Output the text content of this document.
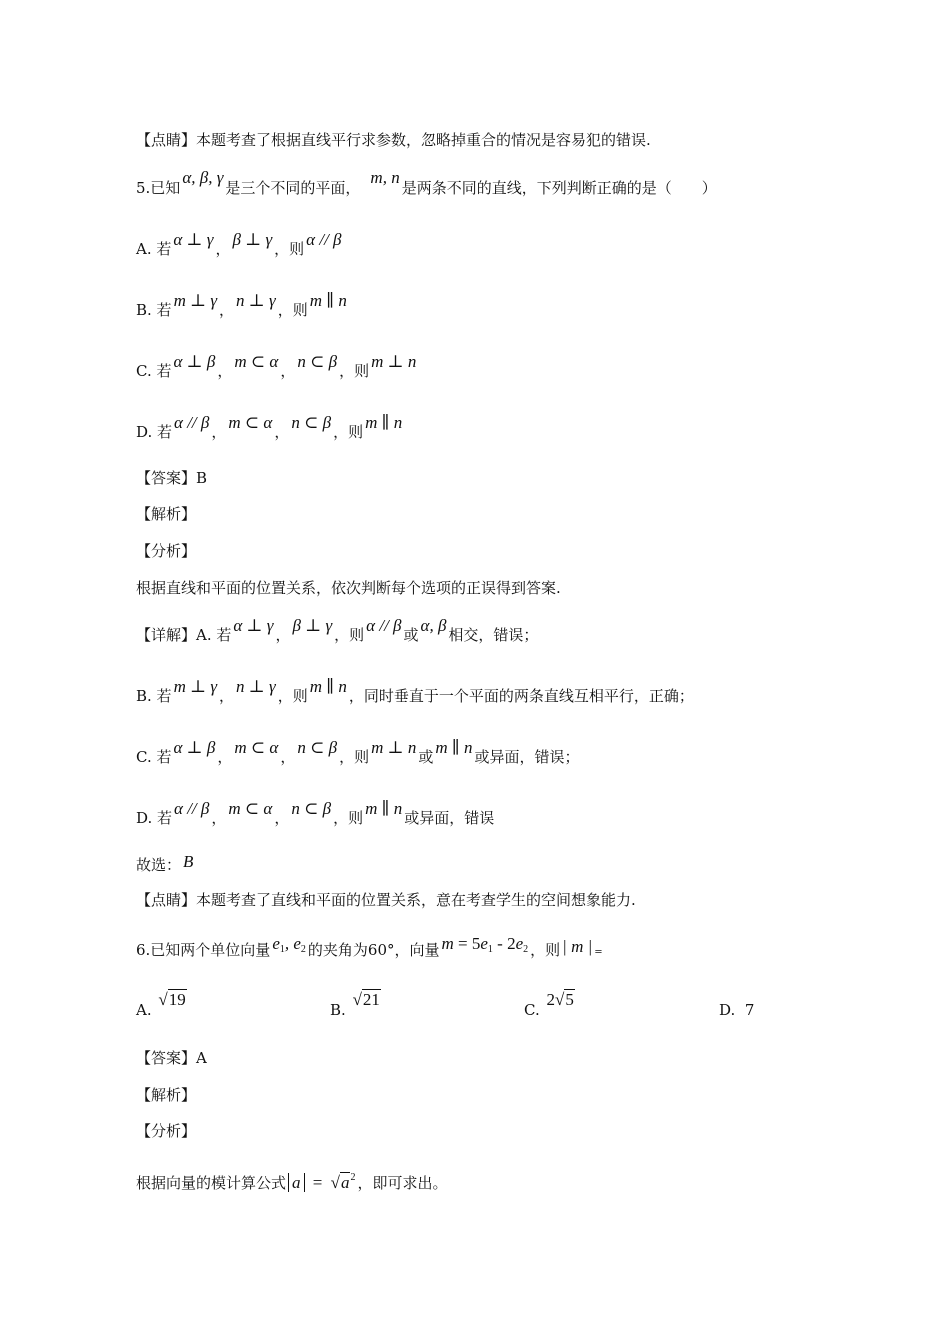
【点睛】本题考查了根据直线平行求参数，忽略掉重合的情况是容易犯的错误.
5.已知α, β, γ是三个不同的平面，m, n是两条不同的直线，下列判断正确的是（　　）
A. 若 α ⊥ γ ， β ⊥ γ ，则 α // β
B. 若 m ⊥ γ ， n ⊥ γ ，则 m ∥ n
C. 若 α ⊥ β ， m ⊂ α ， n ⊂ β ，则 m ⊥ n
D. 若 α // β ， m ⊂ α ， n ⊂ β ，则 m ∥ n
【答案】B
【解析】
【分析】
根据直线和平面的位置关系，依次判断每个选项的正误得到答案.
【详解】A. 若 α ⊥ γ ， β ⊥ γ ，则 α // β 或 α, β 相交，错误；
B. 若 m ⊥ γ ， n ⊥ γ ，则 m ∥ n ，同时垂直于一个平面的两条直线互相平行，正确；
C. 若 α ⊥ β ， m ⊂ α ， n ⊂ β ，则 m ⊥ n 或 m ∥ n 或异面，错误；
D. 若 α // β ， m ⊂ α ， n ⊂ β ，则 m ∥ n 或异面，错误
故选： B
【点睛】本题考查了直线和平面的位置关系，意在考查学生的空间想象能力.
6.已知两个单位向量 $e_1$, $e_2$ 的夹角为60°，向量 $m = 5e_1 - 2e_2$ ，则 | m | =
A. √19
B. √21
C. 2√5
D. 7
【答案】A
【解析】
【分析】
根据向量的模计算公式 $a = √a^2$ ，即可求出。
